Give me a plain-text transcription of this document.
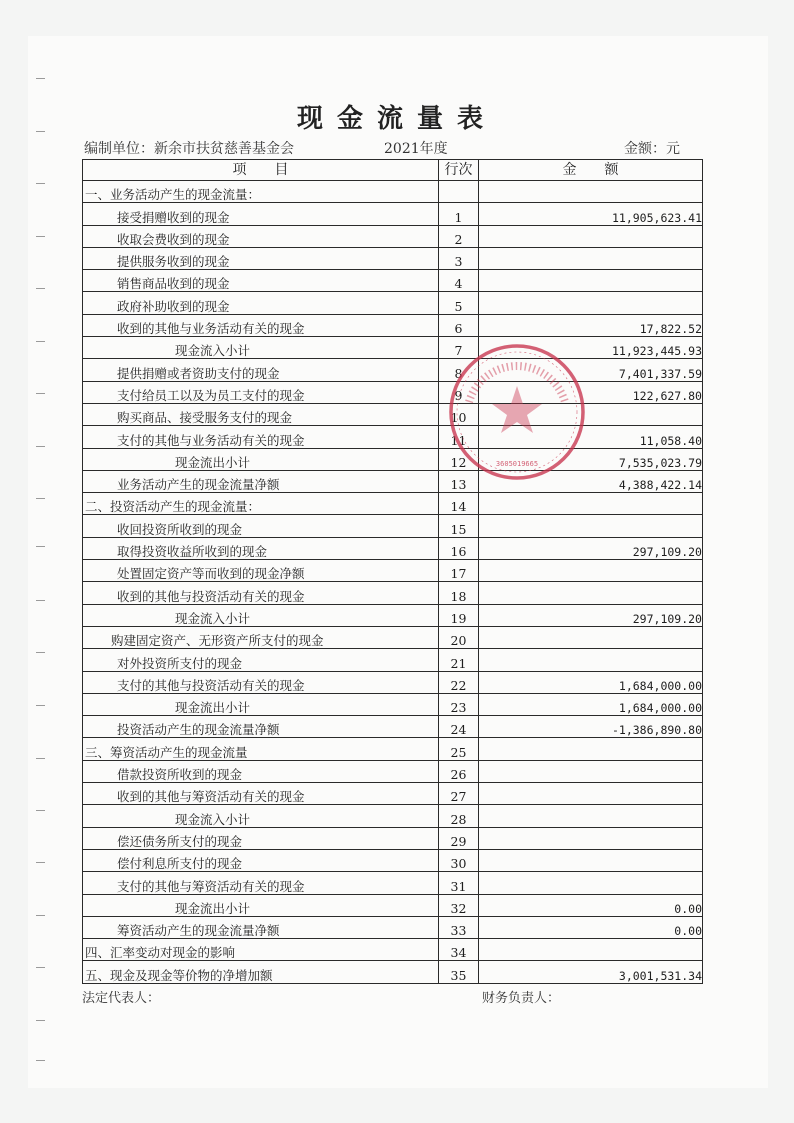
现金流量表
编制单位：新余市扶贫慈善基金会	2021年度	金额：元
项　　目	行次	金　　额
一、业务活动产生的现金流量：		
接受捐赠收到的现金	1	11,905,623.41
收取会费收到的现金	2	
提供服务收到的现金	3	
销售商品收到的现金	4	
政府补助收到的现金	5	
收到的其他与业务活动有关的现金	6	17,822.52
现金流入小计	7	11,923,445.93
提供捐赠或者资助支付的现金	8	7,401,337.59
支付给员工以及为员工支付的现金	9	122,627.80
购买商品、接受服务支付的现金	10	
支付的其他与业务活动有关的现金	11	11,058.40
现金流出小计	12	7,535,023.79
业务活动产生的现金流量净额	13	4,388,422.14
二、投资活动产生的现金流量：	14	
收回投资所收到的现金	15	
取得投资收益所收到的现金	16	297,109.20
处置固定资产等而收到的现金净额	17	
收到的其他与投资活动有关的现金	18	
现金流入小计	19	297,109.20
购建固定资产、无形资产所支付的现金	20	
对外投资所支付的现金	21	
支付的其他与投资活动有关的现金	22	1,684,000.00
现金流出小计	23	1,684,000.00
投资活动产生的现金流量净额	24	-1,386,890.80
三、筹资活动产生的现金流量	25	
借款投资所收到的现金	26	
收到的其他与筹资活动有关的现金	27	
现金流入小计	28	
偿还债务所支付的现金	29	
偿付利息所支付的现金	30	
支付的其他与筹资活动有关的现金	31	
现金流出小计	32	0.00
筹资活动产生的现金流量净额	33	0.00
四、汇率变动对现金的影响	34	
五、现金及现金等价物的净增加额	35	3,001,531.34
3605019665
法定代表人：	财务负责人：
